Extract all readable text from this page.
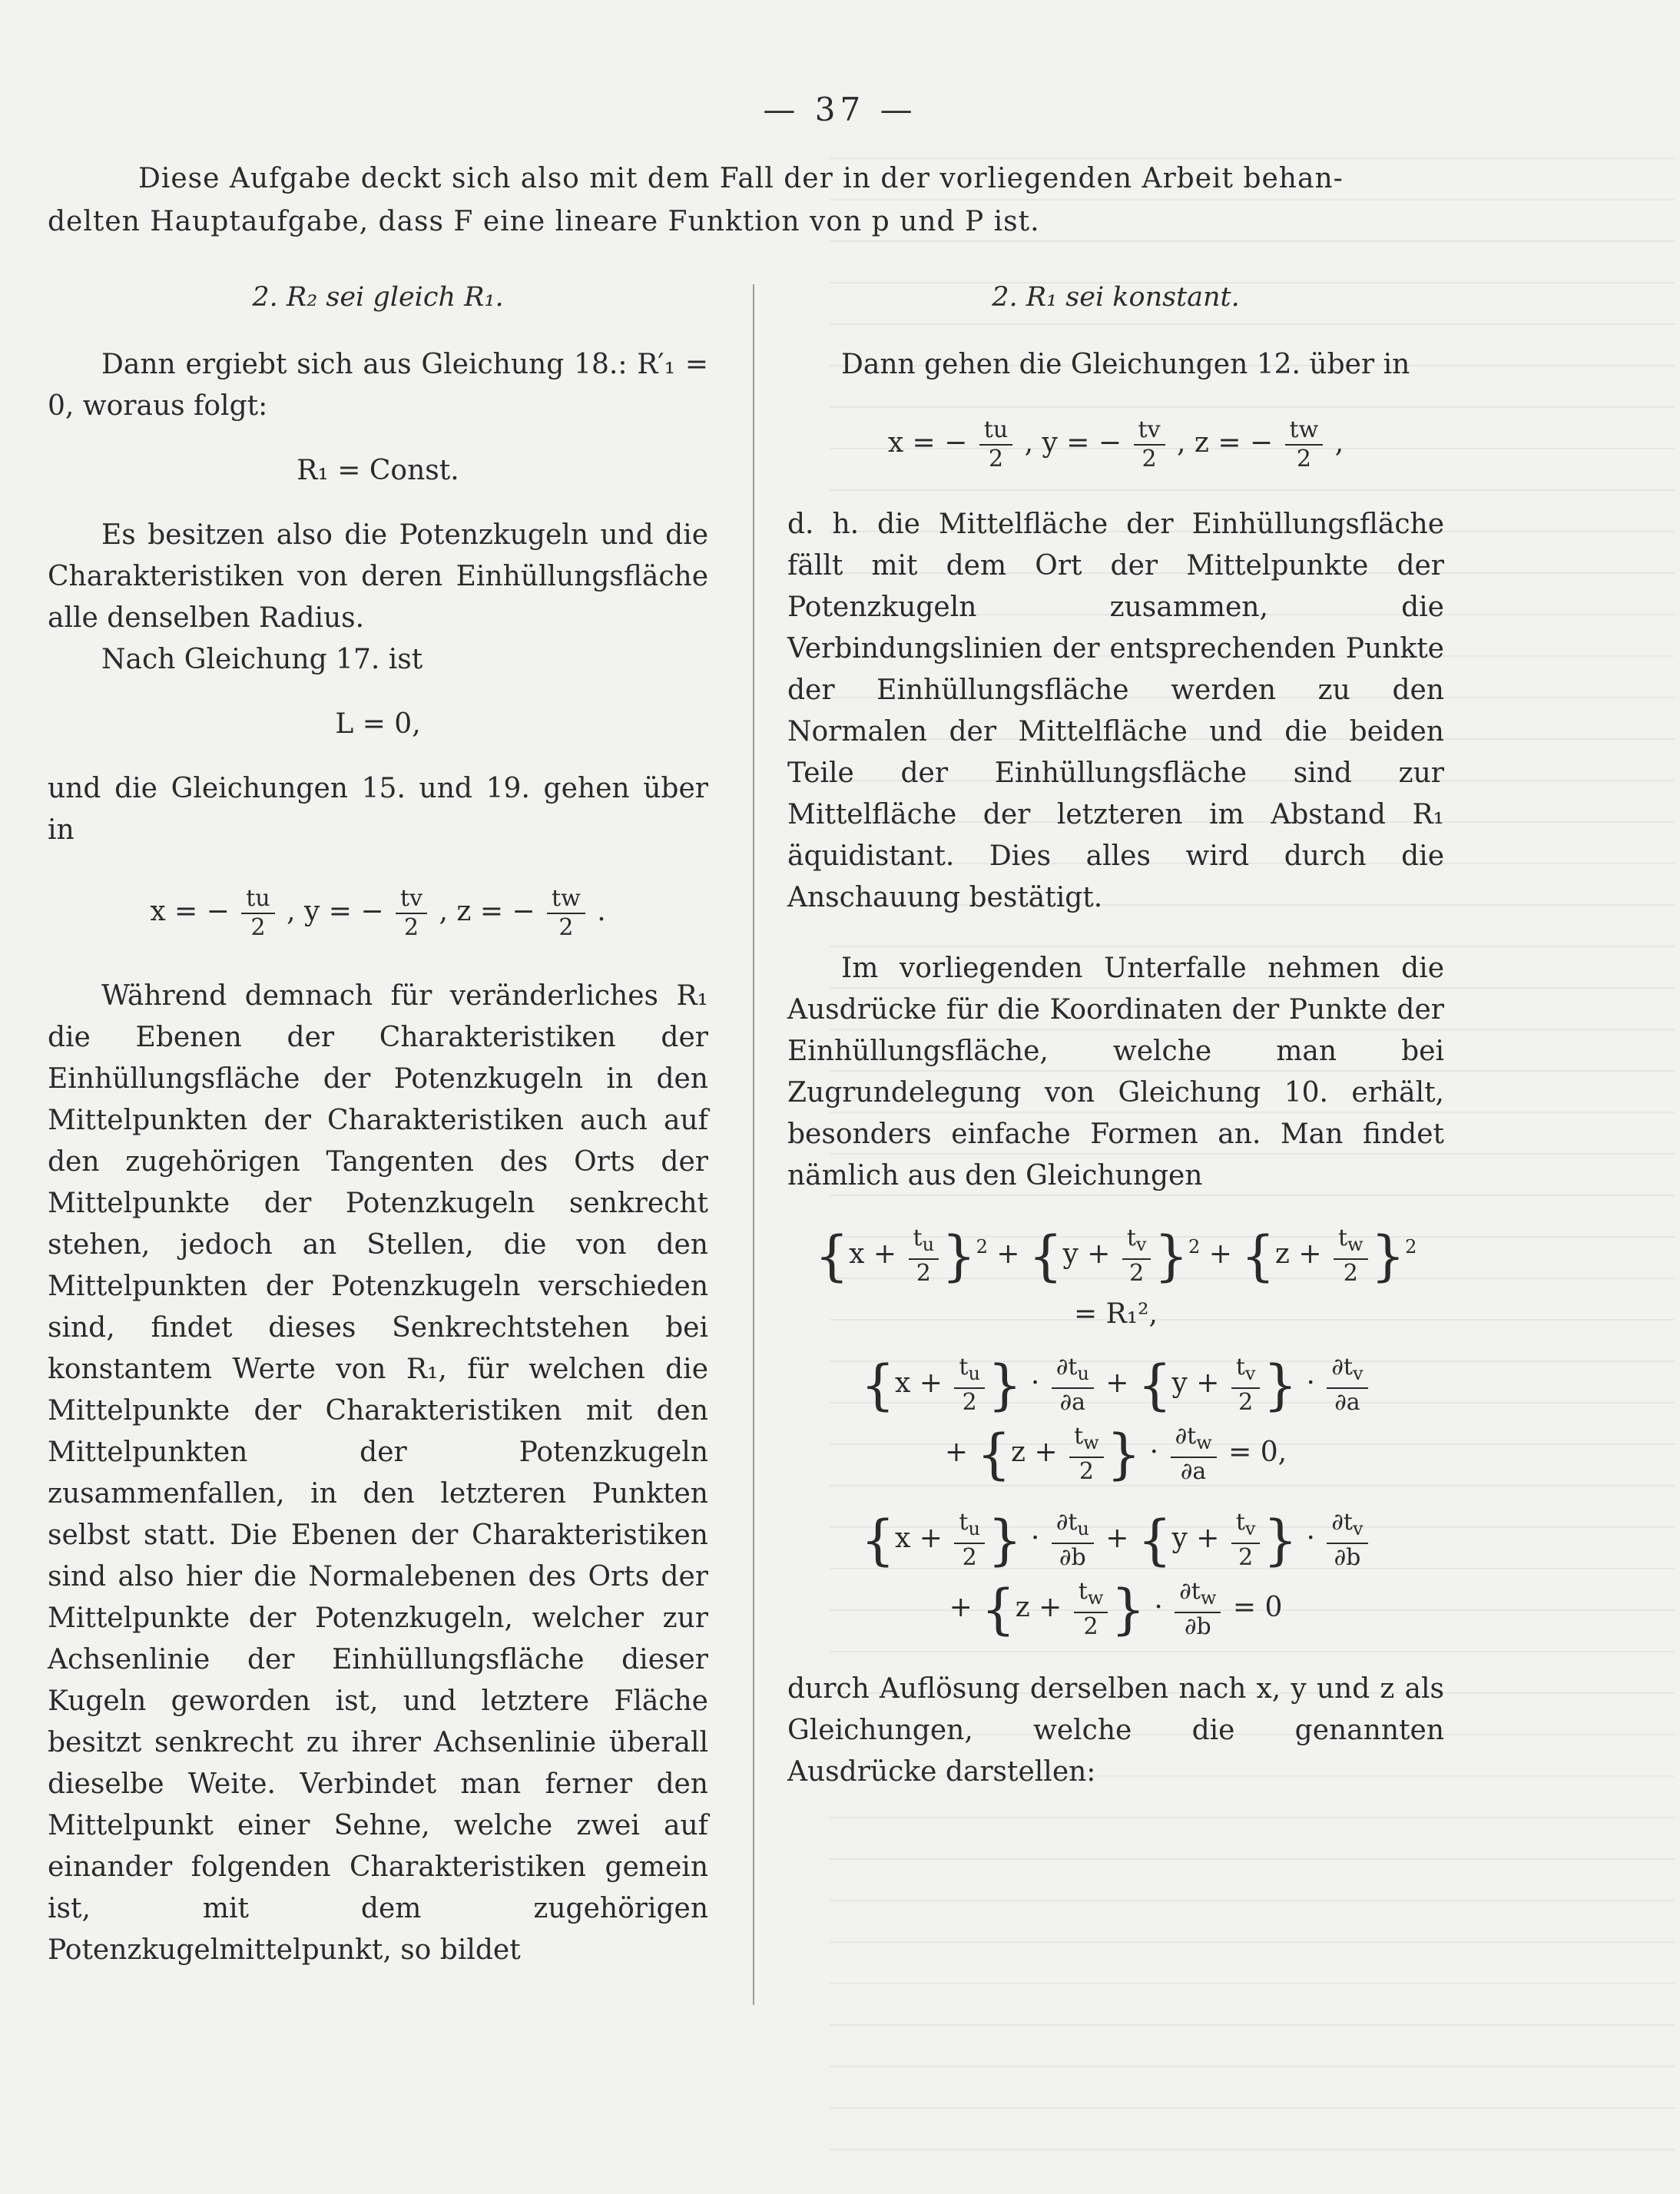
— 37 —
Diese Aufgabe deckt sich also mit dem Fall der in der vorliegenden Arbeit behan-
delten Hauptaufgabe, dass F eine lineare Funktion von p und P ist.
2. R₂ sei gleich R₁.

Dann ergiebt sich aus Gleichung 18.: R′₁ = 0, woraus folgt:

R₁ = Const.

Es besitzen also die Potenzkugeln und die Charakteristiken von deren Einhüllungsfläche alle denselben Radius.

Nach Gleichung 17. ist

L = 0,

und die Gleichungen 15. und 19. gehen über in

x = − $\frac{tu}{2}$ , y = − $\frac{tv}{2}$ , z = − $\frac{tw}{2}$ .

Während demnach für veränderliches R₁ die Ebenen der Charakteristiken der Einhüllungsfläche der Potenzkugeln in den Mittelpunkten der Charakteristiken auch auf den zugehörigen Tangenten des Orts der Mittelpunkte der Potenzkugeln senkrecht stehen, jedoch an Stellen, die von den Mittelpunkten der Potenzkugeln verschieden sind, findet dieses Senkrechtstehen bei konstantem Werte von R₁, für welchen die Mittelpunkte der Charakteristiken mit den Mittelpunkten der Potenzkugeln zusammenfallen, in den letzteren Punkten selbst statt. Die Ebenen der Charakteristiken sind also hier die Normalebenen des Orts der Mittelpunkte der Potenzkugeln, welcher zur Achsenlinie der Einhüllungsfläche dieser Kugeln geworden ist, und letztere Fläche besitzt senkrecht zu ihrer Achsenlinie überall dieselbe Weite. Verbindet man ferner den Mittelpunkt einer Sehne, welche zwei auf einander folgenden Charakteristiken gemein ist, mit dem zugehörigen Potenzkugelmittelpunkt, so bildet

2. R₁ sei konstant.

Dann gehen die Gleichungen 12. über in

x = − $\frac{tu}{2}$ , y = − $\frac{tv}{2}$ , z = − $\frac{tw}{2}$ ,

d. h. die Mittelfläche der Einhüllungsfläche fällt mit dem Ort der Mittelpunkte der Potenzkugeln zusammen, die Verbindungslinien der entsprechenden Punkte der Einhüllungsfläche werden zu den Normalen der Mittelfläche und die beiden Teile der Einhüllungsfläche sind zur Mittelfläche der letzteren im Abstand R₁ äquidistant. Dies alles wird durch die Anschauung bestätigt.

Im vorliegenden Unterfalle nehmen die Ausdrücke für die Koordinaten der Punkte der Einhüllungsfläche, welche man bei Zugrundelegung von Gleichung 10. erhält, besonders einfache Formen an. Man findet nämlich aus den Gleichungen

$\{x + \frac{t_u}{2} \}^2 + \{y + \frac{t_v}{2} \}^2 + \{z + \frac{t_w}{2} \}^2$
= R₁²,
{$x + \frac{t_u}{2}$ } · $\frac{\partial t_u}{\partial a} + \{y + \frac{t_v}{2}$ } · $\frac{\partial t_v}{\partial a}$
+ {$z + \frac{t_w}{2}$ } · $\frac{\partial t_w}{\partial a} = 0$,
{$x + \frac{t_u}{2}$ } · $\frac{\partial t_u}{\partial b} + \{y + \frac{t_v}{2}$ } · $\frac{\partial t_v}{\partial b}$
+ {$z + \frac{t_w}{2}$ } · $\frac{\partial t_w}{\partial b} = 0$

durch Auflösung derselben nach x, y und z als Gleichungen, welche die genannten Ausdrücke darstellen:
